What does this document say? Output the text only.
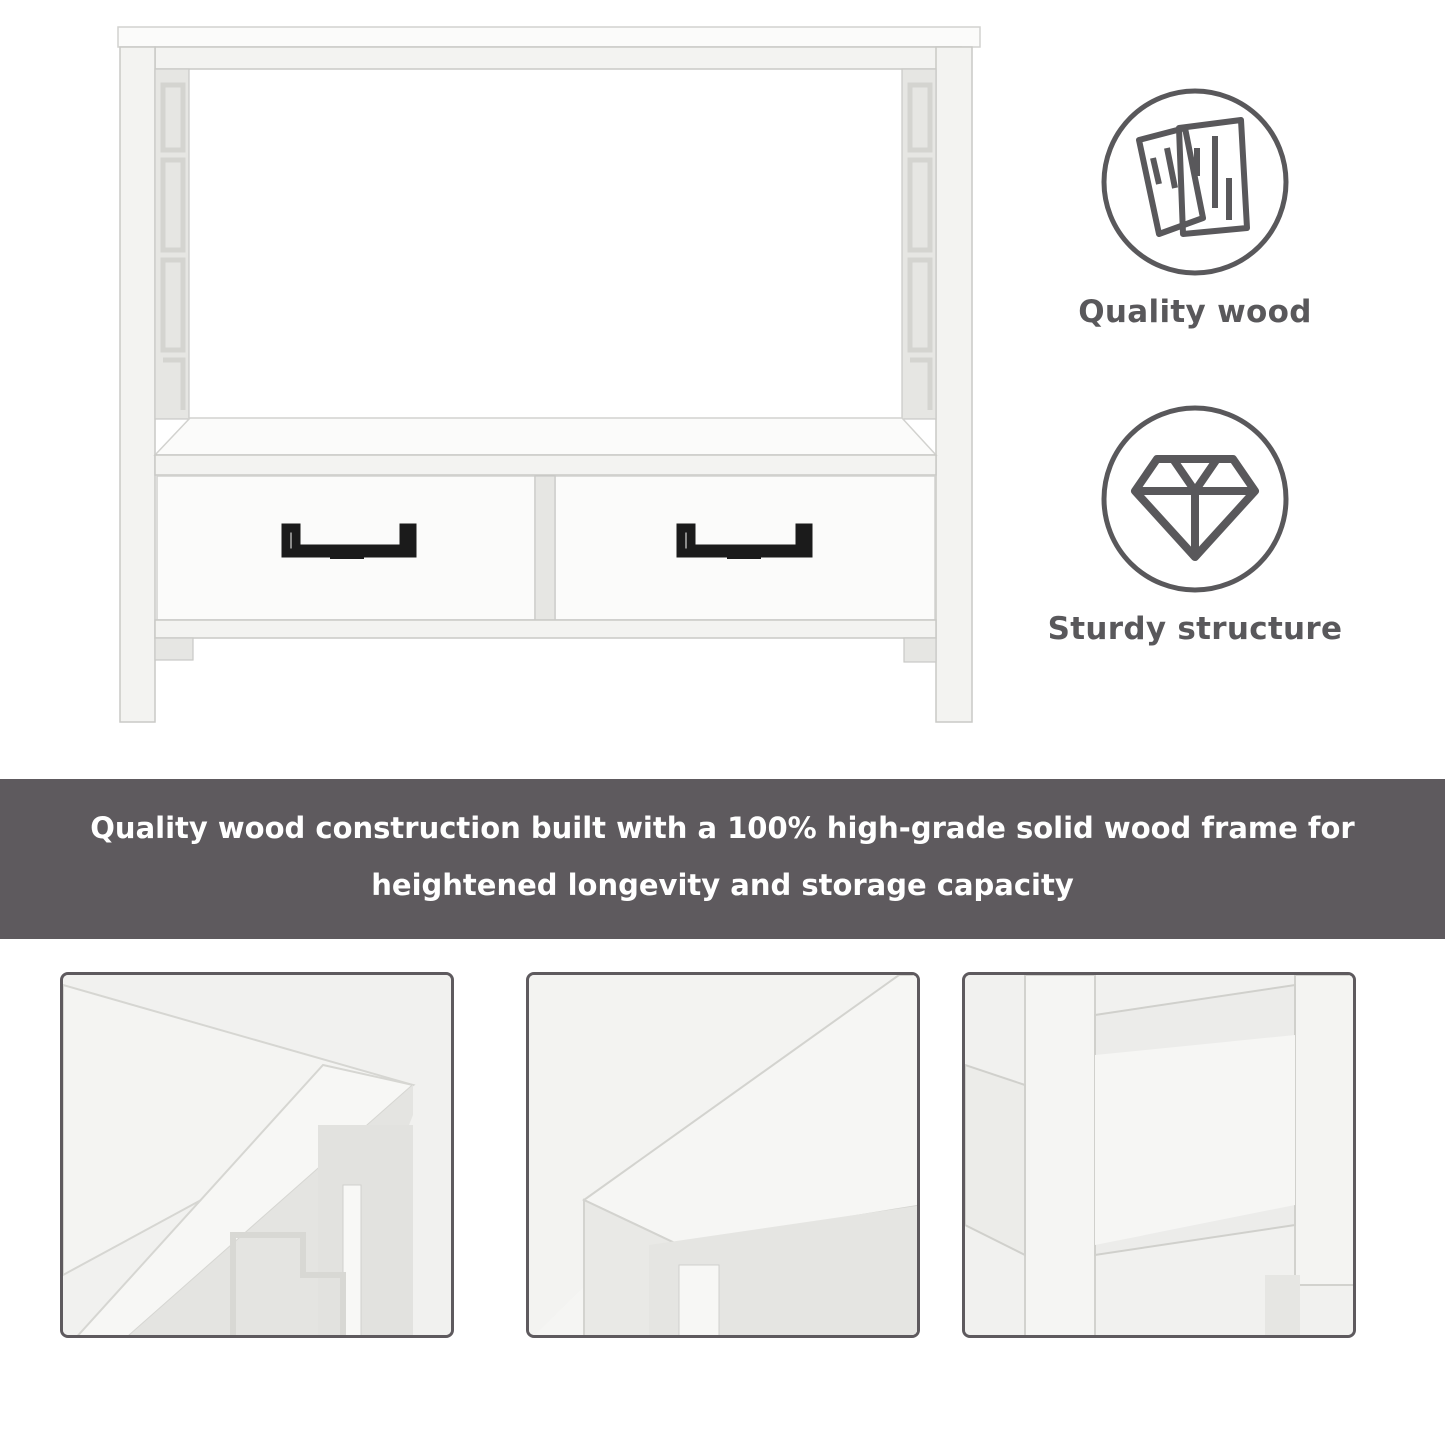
Quality wood
Sturdy structure
Quality wood construction built with a 100% high-grade solid wood frame for
heightened longevity and storage capacity
